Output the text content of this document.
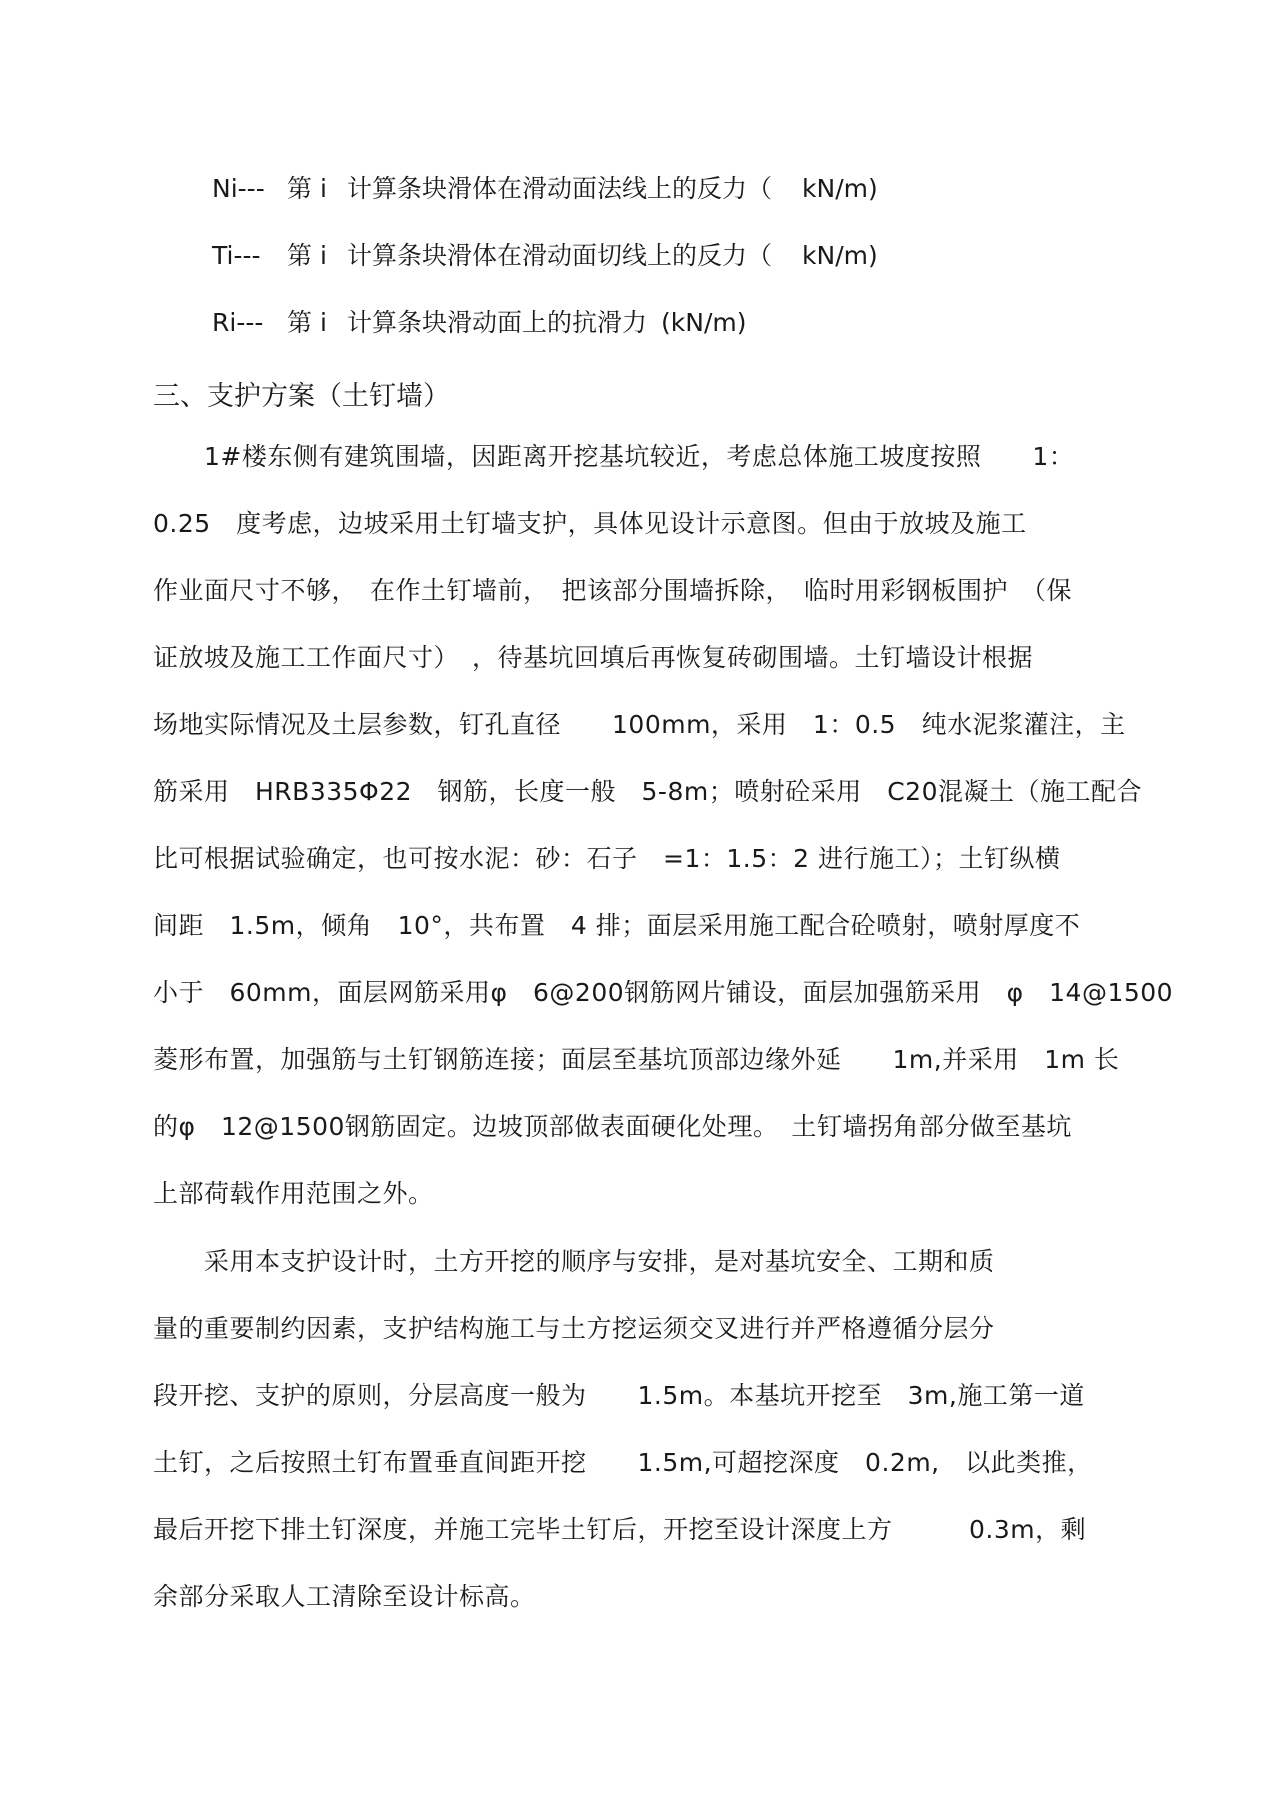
Ni--- 第 i 计算条块滑体在滑动面法线上的反力（ kN/m)
Ti--- 第 i 计算条块滑体在滑动面切线上的反力（ kN/m)
Ri--- 第 i 计算条块滑动面上的抗滑力 (kN/m)
三、支护方案（土钉墙）
　　1#楼东侧有建筑围墙，因距离开挖基坑较近，考虑总体施工坡度按照　　1：
0.25　度考虑，边坡采用土钉墙支护，具体见设计示意图。但由于放坡及施工
作业面尺寸不够，　在作土钉墙前，　把该部分围墙拆除，　临时用彩钢板围护　（保
证放坡及施工工作面尺寸）　，待基坑回填后再恢复砖砌围墙。土钉墙设计根据
场地实际情况及土层参数，钉孔直径　　100mm，采用　1：0.5　纯水泥浆灌注，主
筋采用　HRB335Φ22　钢筋，长度一般　5-8m；喷射砼采用　C20混凝土（施工配合
比可根据试验确定，也可按水泥：砂：石子　=1：1.5：2 进行施工）；土钉纵横
间距　1.5m，倾角　10°，共布置　4 排；面层采用施工配合砼喷射，喷射厚度不
小于　60mm，面层网筋采用φ　6@200钢筋网片铺设，面层加强筋采用　φ　14@1500
菱形布置，加强筋与土钉钢筋连接；面层至基坑顶部边缘外延　　1m,并采用　1m 长
的φ　12@1500钢筋固定。边坡顶部做表面硬化处理。　土钉墙拐角部分做至基坑
上部荷载作用范围之外。
　　采用本支护设计时，土方开挖的顺序与安排，是对基坑安全、工期和质
量的重要制约因素，支护结构施工与土方挖运须交叉进行并严格遵循分层分
段开挖、支护的原则，分层高度一般为　　1.5m。本基坑开挖至　3m,施工第一道
土钉，之后按照土钉布置垂直间距开挖　　1.5m,可超挖深度　0.2m,　以此类推，
最后开挖下排土钉深度，并施工完毕土钉后，开挖至设计深度上方　　　0.3m，剩
余部分采取人工清除至设计标高。
